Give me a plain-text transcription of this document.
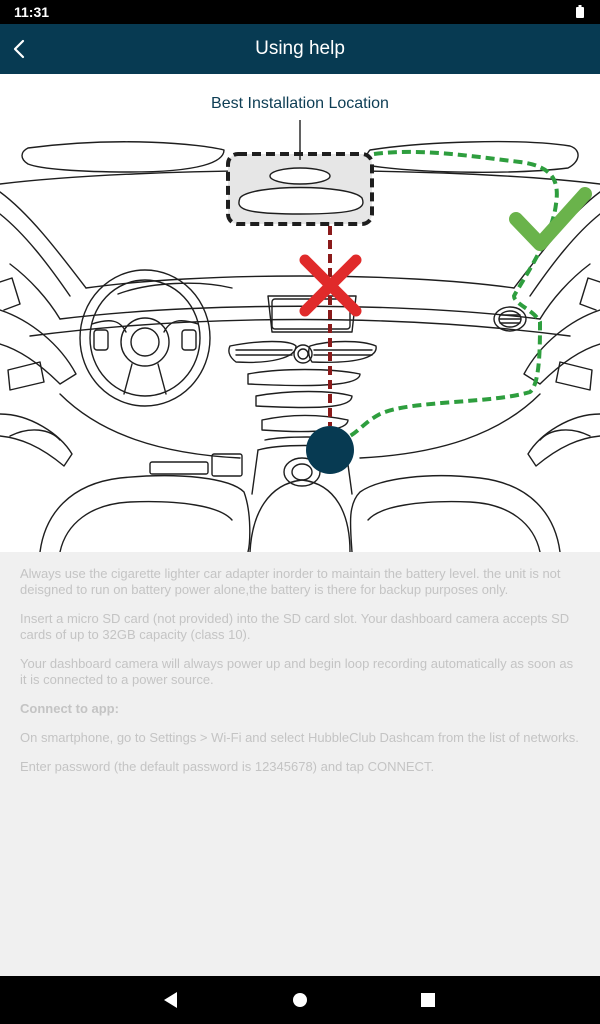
11:31
Using help
Best Installation Location

Always use the cigarette lighter car adapter inorder to maintain the battery level. the unit is not deisgned to run on battery power alone,the battery is there for backup purposes only.

Insert a micro SD card (not provided) into the SD card slot. Your dashboard camera accepts SD cards of up to 32GB capacity (class 10).

Your dashboard camera will always power up and begin loop recording automatically as soon as it is connected to a power source.

Connect to app:

On smartphone, go to Settings > Wi-Fi and select HubbleClub Dashcam from the list of networks.

Enter password (the default password is 12345678) and tap CONNECT.
